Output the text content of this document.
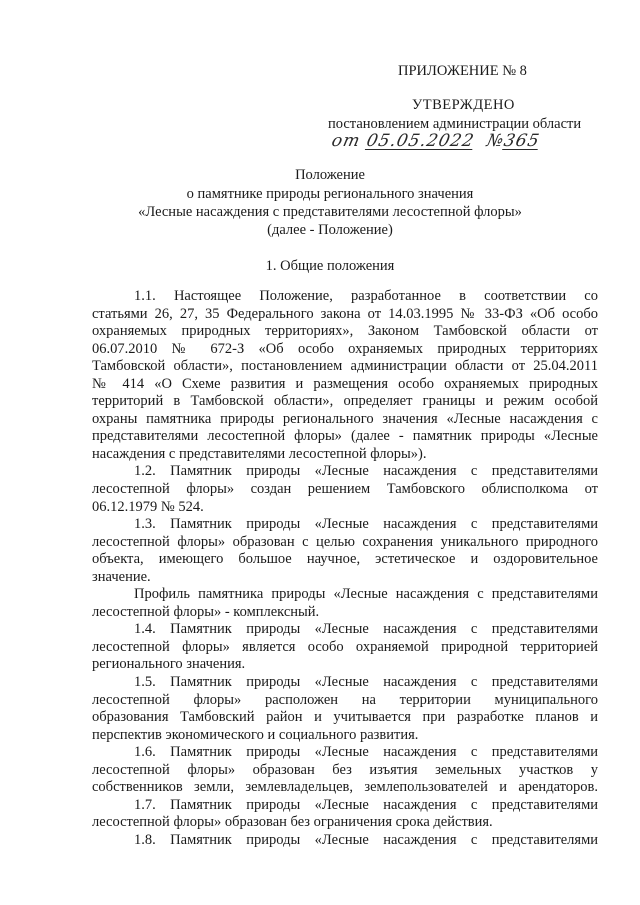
ПРИЛОЖЕНИЕ № 8
УТВЕРЖДЕНО
постановлением администрации области
от 05.05.2022 №365
Положение
о памятнике природы регионального значения
«Лесные насаждения с представителями лесостепной флоры»
(далее - Положение)
1. Общие положения
1.1. Настоящее Положение, разработанное в соответствии со
статьями 26, 27, 35 Федерального закона от 14.03.1995 № 33-ФЗ «Об особо
охраняемых природных территориях», Законом Тамбовской области от
06.07.2010 № 672-З «Об особо охраняемых природных территориях
Тамбовской области», постановлением администрации области от 25.04.2011
№ 414 «О Схеме развития и размещения особо охраняемых природных
территорий в Тамбовской области», определяет границы и режим особой
охраны памятника природы регионального значения «Лесные насаждения с
представителями лесостепной флоры» (далее - памятник природы «Лесные
насаждения с представителями лесостепной флоры»).
1.2. Памятник природы «Лесные насаждения с представителями
лесостепной флоры» создан решением Тамбовского облисполкома от
06.12.1979 № 524.
1.3. Памятник природы «Лесные насаждения с представителями
лесостепной флоры» образован с целью сохранения уникального природного
объекта, имеющего большое научное, эстетическое и оздоровительное
значение.
Профиль памятника природы «Лесные насаждения с представителями
лесостепной флоры» - комплексный.
1.4. Памятник природы «Лесные насаждения с представителями
лесостепной флоры» является особо охраняемой природной территорией
регионального значения.
1.5. Памятник природы «Лесные насаждения с представителями
лесостепной флоры» расположен на территории муниципального
образования Тамбовский район и учитывается при разработке планов и
перспектив экономического и социального развития.
1.6. Памятник природы «Лесные насаждения с представителями
лесостепной флоры» образован без изъятия земельных участков у
собственников земли, землевладельцев, землепользователей и арендаторов.
1.7. Памятник природы «Лесные насаждения с представителями
лесостепной флоры» образован без ограничения срока действия.
1.8. Памятник природы «Лесные насаждения с представителями
